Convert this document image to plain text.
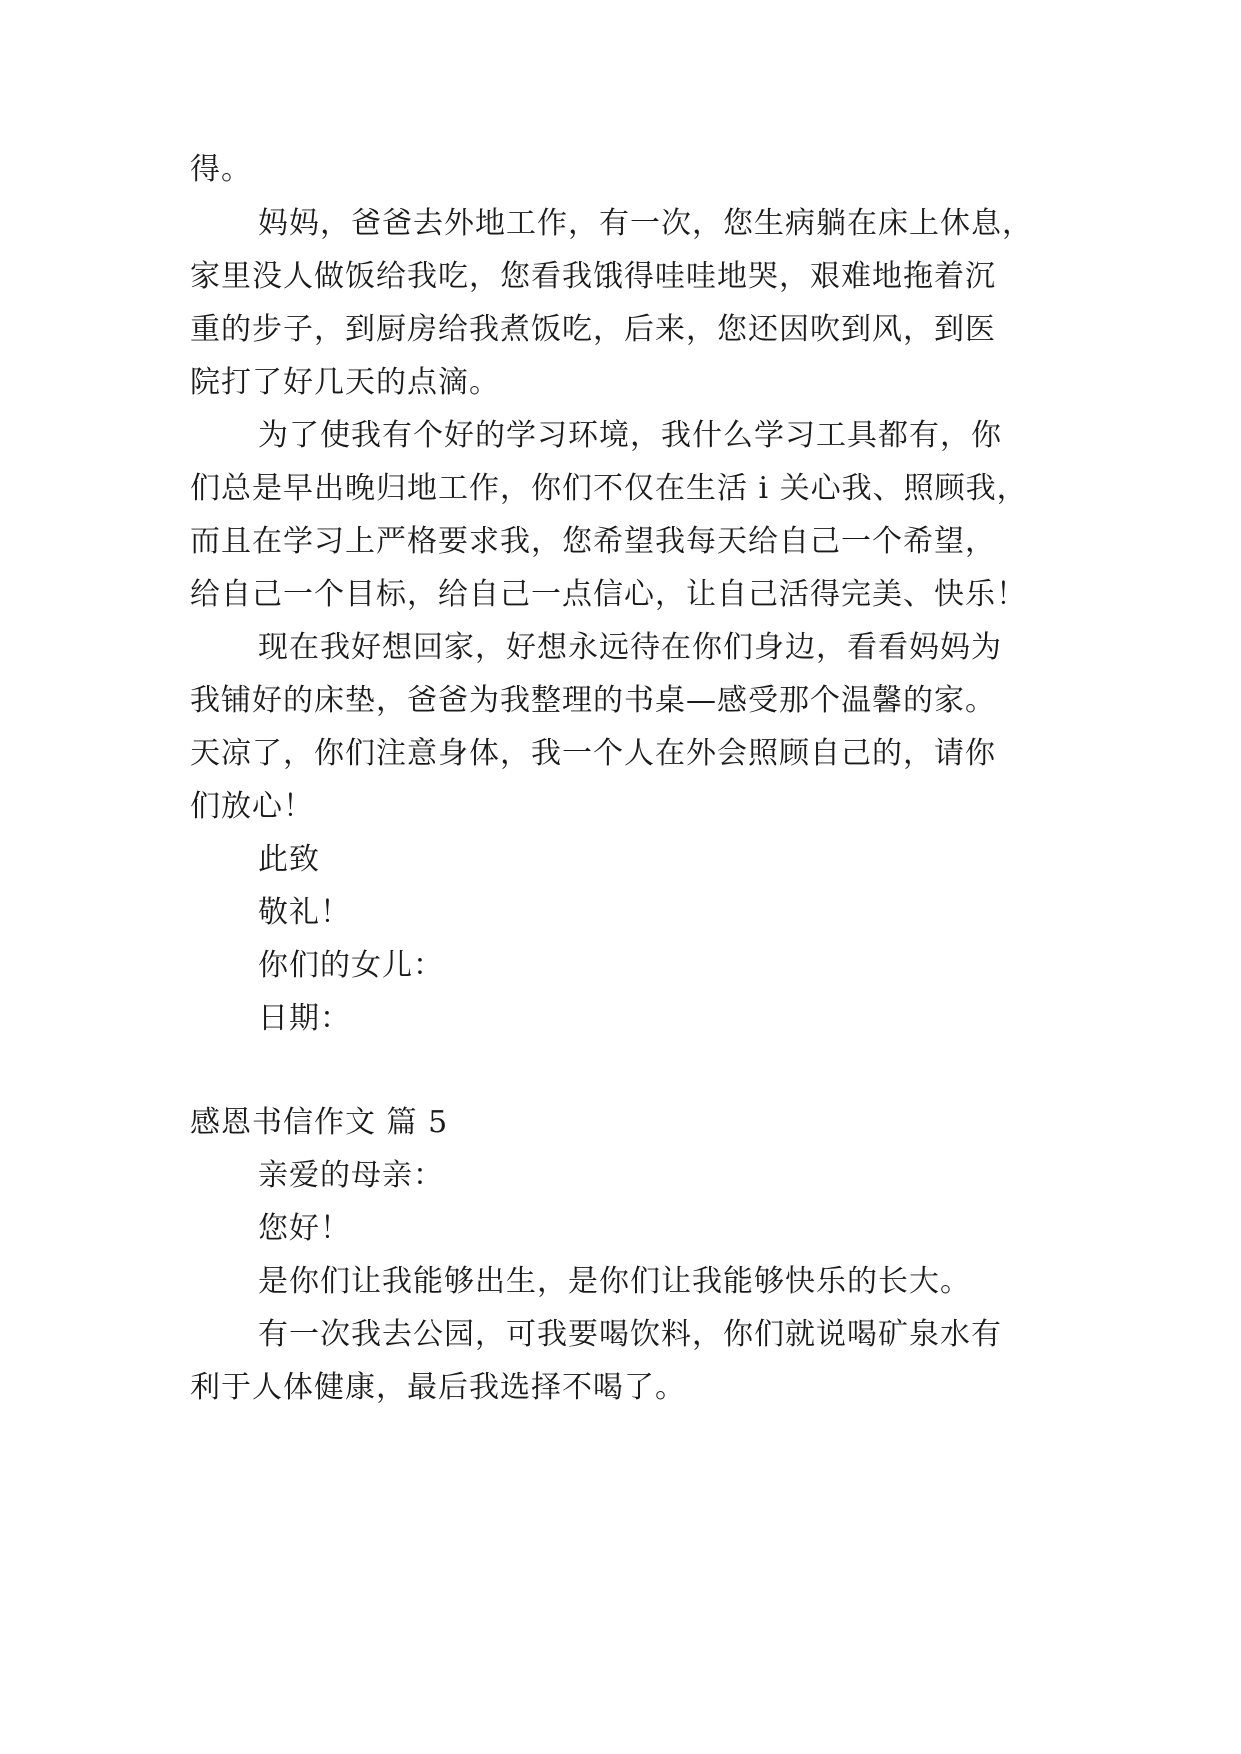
得。
妈妈，爸爸去外地工作，有一次，您生病躺在床上休息，
家里没人做饭给我吃，您看我饿得哇哇地哭，艰难地拖着沉
重的步子，到厨房给我煮饭吃，后来，您还因吹到风，到医
院打了好几天的点滴。
为了使我有个好的学习环境，我什么学习工具都有，你
们总是早出晚归地工作，你们不仅在生活 i 关心我、照顾我，
而且在学习上严格要求我，您希望我每天给自己一个希望，
给自己一个目标，给自己一点信心，让自己活得完美、快乐！
现在我好想回家，好想永远待在你们身边，看看妈妈为
我铺好的床垫，爸爸为我整理的书桌—感受那个温馨的家。
天凉了，你们注意身体，我一个人在外会照顾自己的，请你
们放心！
此致
敬礼！
你们的女儿：
日期：
感恩书信作文 篇 5
亲爱的母亲：
您好！
是你们让我能够出生，是你们让我能够快乐的长大。
有一次我去公园，可我要喝饮料，你们就说喝矿泉水有
利于人体健康，最后我选择不喝了。
